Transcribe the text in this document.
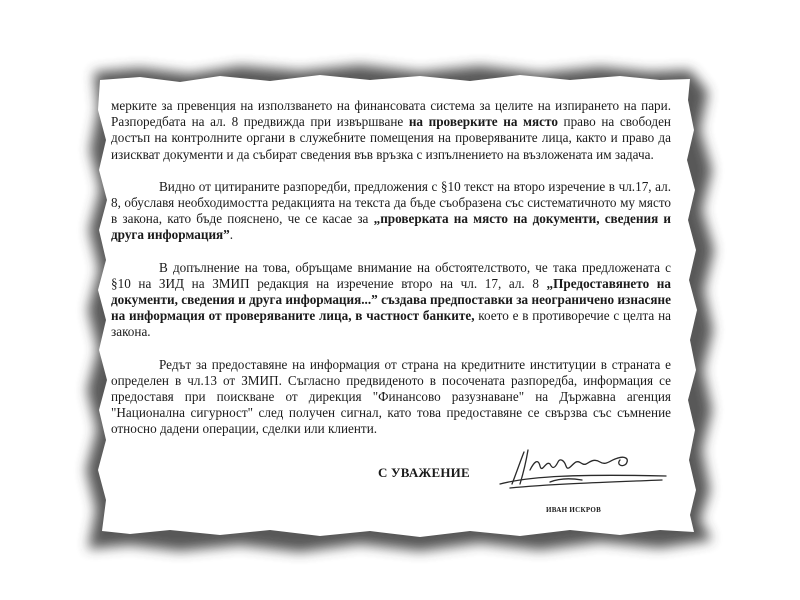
мерките за превенция на използването на финансовата система за целите на изпирането на пари. Разпоредбата на ал. 8 предвижда при извършване на проверките на място право на свободен достъп на контролните органи в служебните помещения на проверяваните лица, както и право да изискват документи и да събират сведения във връзка с изпълнението на възложената им задача.

Видно от цитираните разпоредби, предложения с §10 текст на второ изречение в чл.17, ал. 8, обуславя необходимостта редакцията на текста да бъде съобразена със систематичното му място в закона, като бъде пояснено, че се касае за „проверката на място на документи, сведения и друга информация”.

В допълнение на това, обръщаме внимание на обстоятелството, че така предложената с §10 на ЗИД на ЗМИП редакция на изречение второ на чл. 17, ал. 8 „Предоставянето на документи, сведения и друга информация...” създава предпоставки за неограничено изнасяне на информация от проверяваните лица, в частност банките, което е в противоречие с целта на закона.

Редът за предоставяне на информация от страна на кредитните институции в страната е определен в чл.13 от ЗМИП. Съгласно предвиденото в посочената разпоредба, информация се предоставя при поискване от дирекция "Финансово разузнаване" на Държавна агенция "Национална сигурност" след получен сигнал, като това предоставяне се свързва със съмнение относно дадени операции, сделки или клиенти.

С УВАЖЕНИЕ
ИВАН ИСКРОВ
